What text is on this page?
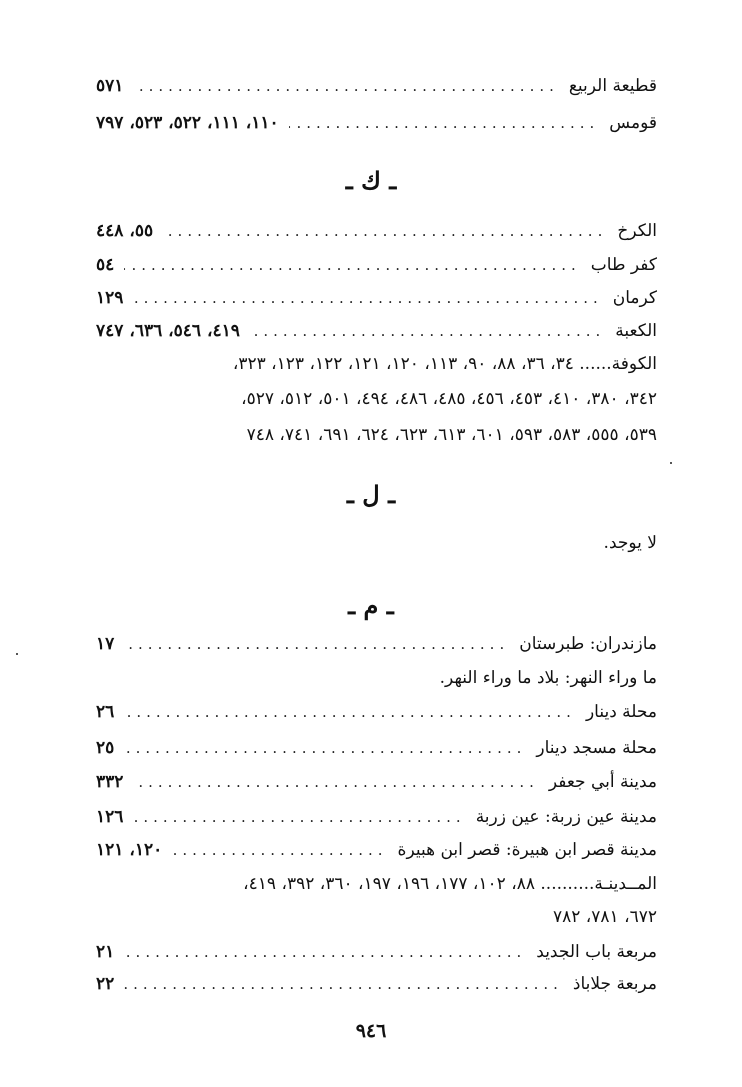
قطيعة الربيع
.....
٥٧١
قومس
.....
١١٠، ١١١، ٥٢٢، ٥٢٣، ٧٩٧
ـ ك ـ
الكرخ
.....
٥٥، ٤٤٨
كفر طاب
.....
٥٤
كرمان
.....
١٢٩
الكعبة
.....
٤١٩، ٥٤٦، ٦٣٦، ٧٤٧
الكوفة...... ٣٤، ٣٦، ٨٨، ٩٠، ١١٣، ١٢٠، ١٢١، ١٢٢، ١٢٣، ٣٢٣،
٣٤٢، ٣٨٠، ٤١٠، ٤٥٣، ٤٥٦، ٤٨٥، ٤٨٦، ٤٩٤، ٥٠١، ٥١٢، ٥٢٧،
٥٣٩، ٥٥٥، ٥٨٣، ٥٩٣، ٦٠١، ٦١٣، ٦٢٣، ٦٢٤، ٦٩١، ٧٤١، ٧٤٨
ـ ل ـ
لا يوجد.
ـ م ـ
مازندران: طبرستان
.....
١٧
ما وراء النهر: بلاد ما وراء النهر.
محلة دينار
.....
٢٦
محلة مسجد دينار
.....
٢٥
مدينة أبي جعفر
.....
٣٣٢
مدينة عين زربة: عين زربة
.....
١٢٦
مدينة قصر ابن هبيرة: قصر ابن هبيرة
.....
١٢٠، ١٢١
المــدينـة.......... ٨٨، ١٠٢، ١٧٧، ١٩٦، ١٩٧، ٣٦٠، ٣٩٢، ٤١٩،
٦٧٢، ٧٨١، ٧٨٢
مربعة باب الجديد
.....
٢١
مربعة جلاباذ
.....
٢٢
٩٤٦
